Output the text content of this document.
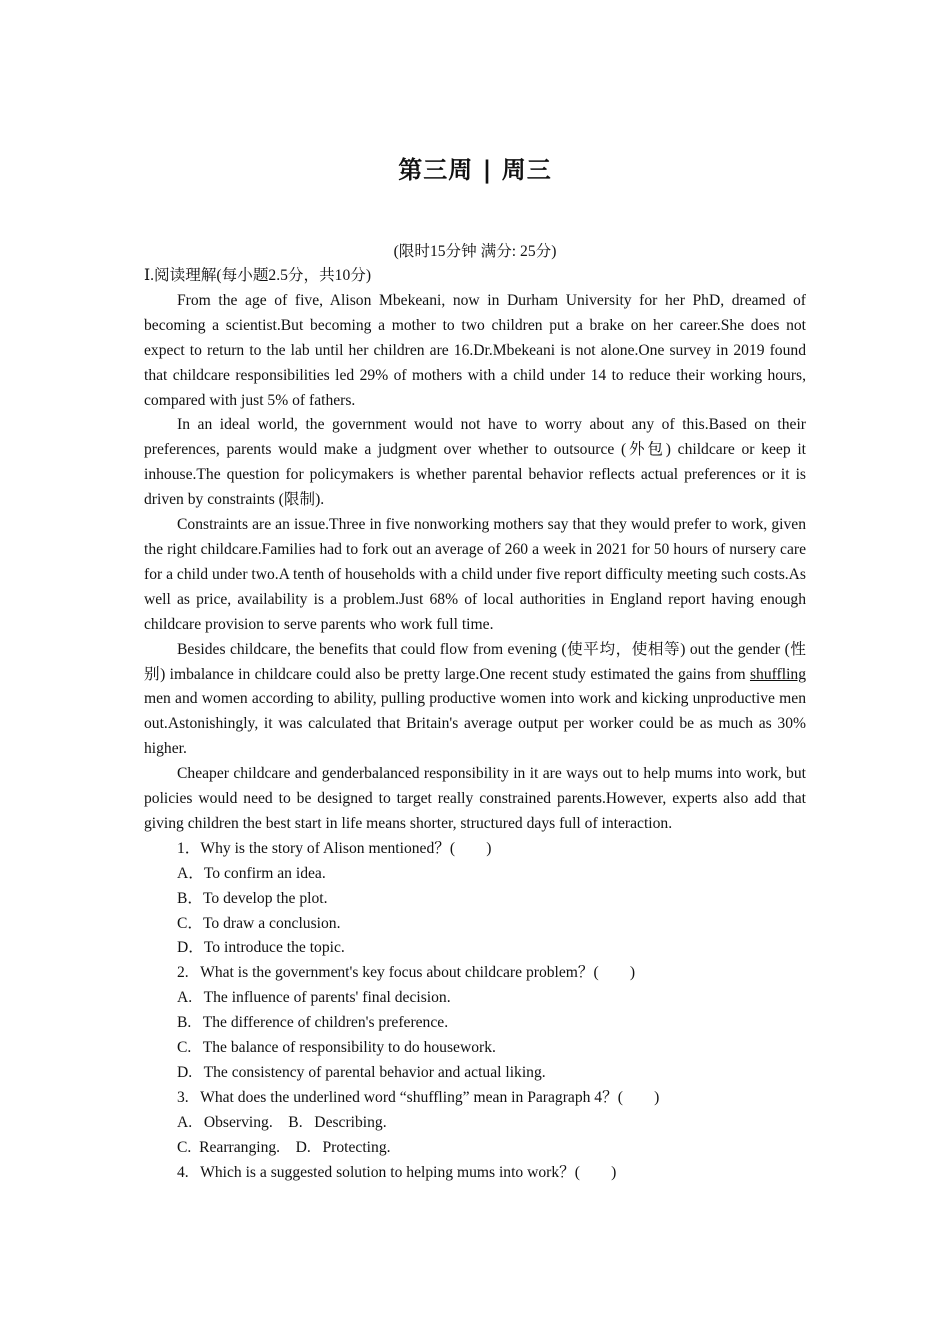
第三周 | 周三
(限时15分钟 满分: 25分)

Ⅰ.阅读理解(每小题2.5分，共10分)

From the age of five, Alison Mbekeani, now in Durham University for her PhD, dreamed of becoming a scientist.But becoming a mother to two children put a brake on her career.She does not expect to return to the lab until her children are 16.Dr.Mbekeani is not alone.One survey in 2019 found that childcare responsibilities led 29% of mothers with a child under 14 to reduce their working hours, compared with just 5% of fathers.

In an ideal world, the government would not have to worry about any of this.Based on their preferences, parents would make a judgment over whether to outsource (外包) childcare or keep it inhouse.The question for policymakers is whether parental behavior reflects actual preferences or it is driven by constraints (限制).

Constraints are an issue.Three in five nonworking mothers say that they would prefer to work, given the right childcare.Families had to fork out an average of 260 a week in 2021 for 50 hours of nursery care for a child under two.A tenth of households with a child under five report difficulty meeting such costs.As well as price, availability is a problem.Just 68% of local authorities in England report having enough childcare provision to serve parents who work full time.

Besides childcare, the benefits that could flow from evening (使平均，使相等) out the gender (性别) imbalance in childcare could also be pretty large.One recent study estimated the gains from shuffling men and women according to ability, pulling productive women into work and kicking unproductive men out.Astonishingly, it was calculated that Britain's average output per worker could be as much as 30% higher.

Cheaper childcare and genderbalanced responsibility in it are ways out to help mums into work, but policies would need to be designed to target really constrained parents.However, experts also add that giving children the best start in life means shorter, structured days full of interaction.

1．Why is the story of Alison mentioned？(　　)

A．To confirm an idea.

B．To develop the plot.

C．To draw a conclusion.

D．To introduce the topic.

2.   What is the government's key focus about childcare problem？(　　)

A.   The influence of parents' final decision.

B.   The difference of children's preference.

C.   The balance of responsibility to do housework.

D.   The consistency of parental behavior and actual liking.

3.   What does the underlined word “shuffling” mean in Paragraph 4？(　　)

A.   Observing.    B.   Describing.

C.  Rearranging.    D.   Protecting.

4.   Which is a suggested solution to helping mums into work？(　　)
